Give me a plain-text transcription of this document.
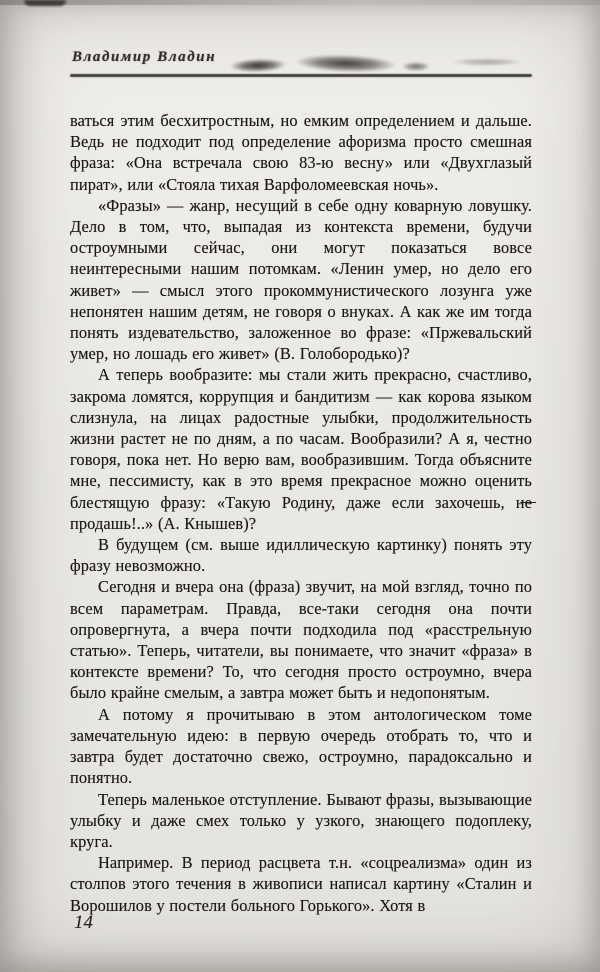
Владимир Владин

ваться этим бесхитростным, но емким определением и дальше. Ведь не подходит под определение афоризма просто смешная фраза: «Она встречала свою 83-ю весну» или «Двухглазый пират», или «Стояла тихая Варфоломеевская ночь».

«Фразы» — жанр, несущий в себе одну коварную ловушку. Дело в том, что, выпадая из контекста времени, будучи остроумными сейчас, они могут показаться вовсе неинтересными нашим потомкам. «Ленин умер, но дело его живет» — смысл этого прокоммунистического лозунга уже непонятен нашим детям, не говоря о внуках. А как же им тогда понять издевательство, заложенное во фразе: «Пржевальский умер, но лошадь его живет» (В. Голобородько)?

А теперь вообразите: мы стали жить прекрасно, счастливо, закрома ломятся, коррупция и бандитизм — как корова языком слизнула, на лицах радостные улыбки, продолжительность жизни растет не по дням, а по часам. Вообразили? А я, честно говоря, пока нет. Но верю вам, вообразившим. Тогда объясните мне, пессимисту, как в это время прекрасное можно оценить блестящую фразу: «Такую Родину, даже если захочешь, н̶е̶ продашь!..» (А. Кнышев)?

В будущем (см. выше идиллическую картинку) понять эту фразу невозможно.

Сегодня и вчера она (фраза) звучит, на мой взгляд, точно по всем параметрам. Правда, все-таки сегодня она почти опровергнута, а вчера почти подходила под «расстрельную статью». Теперь, читатели, вы понимаете, что значит «фраза» в контексте времени? То, что сегодня просто остроумно, вчера было крайне смелым, а завтра может быть и недопонятым.

А потому я прочитываю в этом антологическом томе замечательную идею: в первую очередь отобрать то, что и завтра будет достаточно свежо, остроумно, парадоксально и понятно.

Теперь маленькое отступление. Бывают фразы, вызывающие улыбку и даже смех только у узкого, знающего подоплеку, круга.

Например. В период расцвета т.н. «соцреализма» один из столпов этого течения в живописи написал картину «Сталин и Ворошилов у постели больного Горького». Хотя в

14
